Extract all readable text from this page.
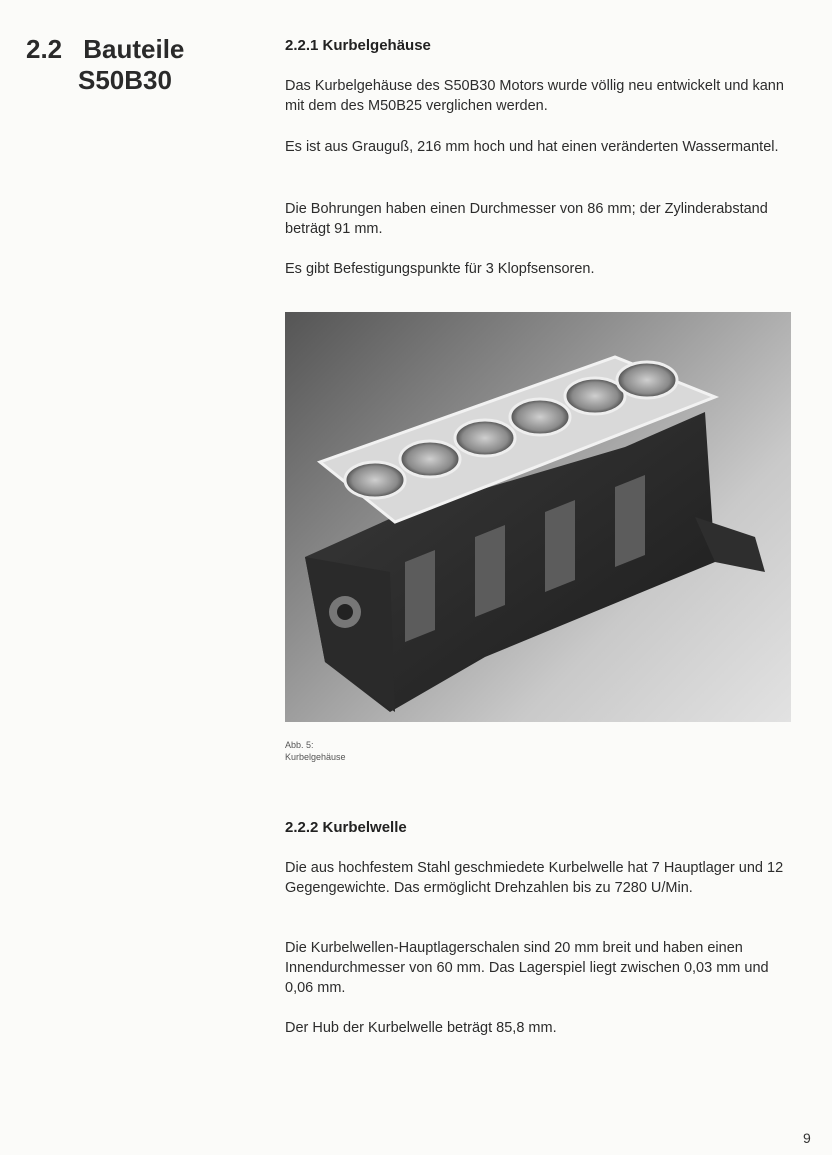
2.2 Bauteile
S50B30
2.2.1 Kurbelgehäuse

Das Kurbelgehäuse des S50B30 Motors wurde völlig neu entwickelt und kann mit dem des M50B25 verglichen werden.

Es ist aus Grauguß, 216 mm hoch und hat einen veränderten Wassermantel.

Die Bohrungen haben einen Durchmesser von 86 mm; der Zylinderabstand beträgt 91 mm.

Es gibt Befestigungspunkte für 3 Klopfsensoren.

Abb. 5:
Kurbelgehäuse
2.2.2 Kurbelwelle

Die aus hochfestem Stahl geschmiedete Kurbelwelle hat 7 Hauptlager und 12 Gegengewichte. Das ermöglicht Drehzahlen bis zu 7280 U/Min.

Die Kurbelwellen-Hauptlagerschalen sind 20 mm breit und haben einen Innendurchmesser von 60 mm. Das Lagerspiel liegt zwischen 0,03 mm und 0,06 mm.

Der Hub der Kurbelwelle beträgt 85,8 mm.

9
